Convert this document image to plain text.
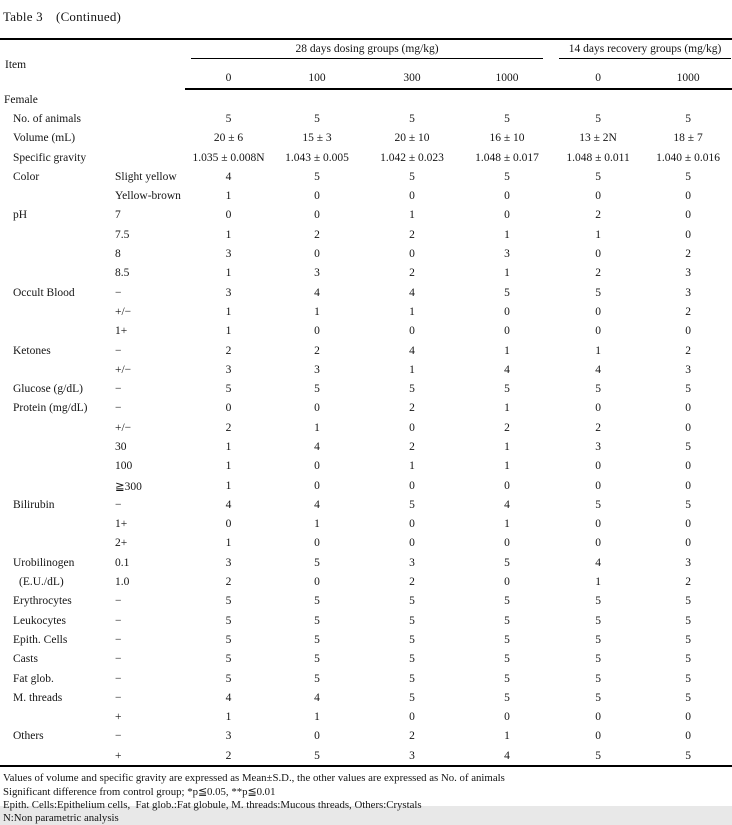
Table 3　(Continued)
Item		28 days dosing groups (mg/kg)				14 days recovery groups (mg/kg)	

		0	100	300	1000	0	1000
Female							
No. of animals		5	5	5	5	5	5
Volume (mL)		20 ± 6	15 ± 3	20 ± 10	16 ± 10	13 ± 2N	18 ± 7
Specific gravity		1.035 ± 0.008N	1.043 ± 0.005	1.042 ± 0.023	1.048 ± 0.017	1.048 ± 0.011	1.040 ± 0.016
Color	Slight yellow	4	5	5	5	5	5
	Yellow-brown	1	0	0	0	0	0
pH	7	0	0	1	0	2	0
	7.5	1	2	2	1	1	0
	8	3	0	0	3	0	2
	8.5	1	3	2	1	2	3
Occult Blood	−	3	4	4	5	5	3
	+/−	1	1	1	0	0	2
	1+	1	0	0	0	0	0
Ketones	−	2	2	4	1	1	2
	+/−	3	3	1	4	4	3
Glucose (g/dL)	−	5	5	5	5	5	5
Protein (mg/dL)	−	0	0	2	1	0	0
	+/−	2	1	0	2	2	0
	30	1	4	2	1	3	5
	100	1	0	1	1	0	0
	≧300	1	0	0	0	0	0
Bilirubin	−	4	4	5	4	5	5
	1+	0	1	0	1	0	0
	2+	1	0	0	0	0	0
Urobilinogen	0.1	3	5	3	5	4	3
(E.U./dL)	1.0	2	0	2	0	1	2
Erythrocytes	−	5	5	5	5	5	5
Leukocytes	−	5	5	5	5	5	5
Epith. Cells	−	5	5	5	5	5	5
Casts	−	5	5	5	5	5	5
Fat glob.	−	5	5	5	5	5	5
M. threads	−	4	4	5	5	5	5
	+	1	1	0	0	0	0
Others	−	3	0	2	1	0	0
	+	2	5	3	4	5	5
Values of volume and specific gravity are expressed as Mean±S.D., the other values are expressed as No. of animals
Significant difference from control group; *p≦0.05, **p≦0.01
Epith. Cells:Epithelium cells,  Fat glob.:Fat globule, M. threads:Mucous threads, Others:Crystals
N:Non parametric analysis
